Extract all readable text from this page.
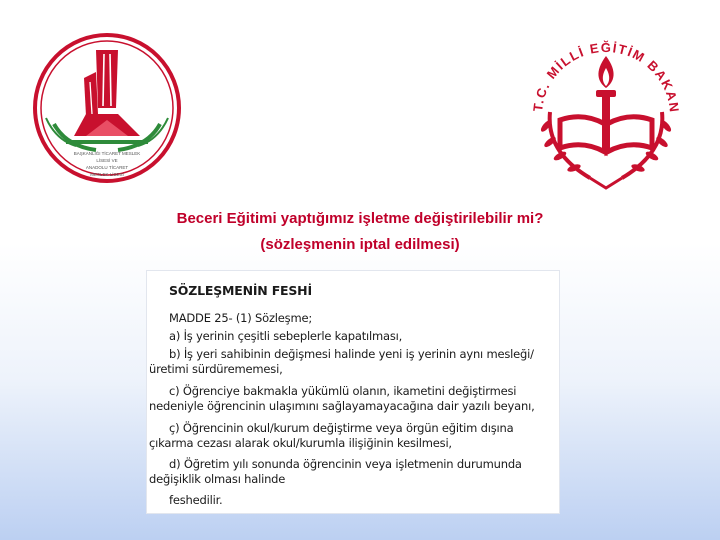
BAŞKANLIĞI TİCARET MESLEK
LİSESİ VE
ANADOLU TİCARET
MESLEK LİSESİ
T.C. MİLLİ EĞİTİM BAKAN
Beceri Eğitimi yaptığımız işletme değiştirilebilir mi?
(sözleşmenin iptal edilmesi)
SÖZLEŞMENİN FESHİ
MADDE 25- (1) Sözleşme;
a) İş yerinin çeşitli sebeplerle kapatılması,
b) İş yeri sahibinin değişmesi halinde yeni iş yerinin aynı mesleği/
üretimi sürdürememesi,
c) Öğrenciye bakmakla yükümlü olanın, ikametini değiştirmesi
nedeniyle öğrencinin ulaşımını sağlayamayacağına dair yazılı beyanı,
ç) Öğrencinin okul/kurum değiştirme veya örgün eğitim dışına
çıkarma cezası alarak okul/kurumla ilişiğinin kesilmesi,
d) Öğretim yılı sonunda öğrencinin veya işletmenin durumunda
değişiklik olması halinde
feshedilir.
